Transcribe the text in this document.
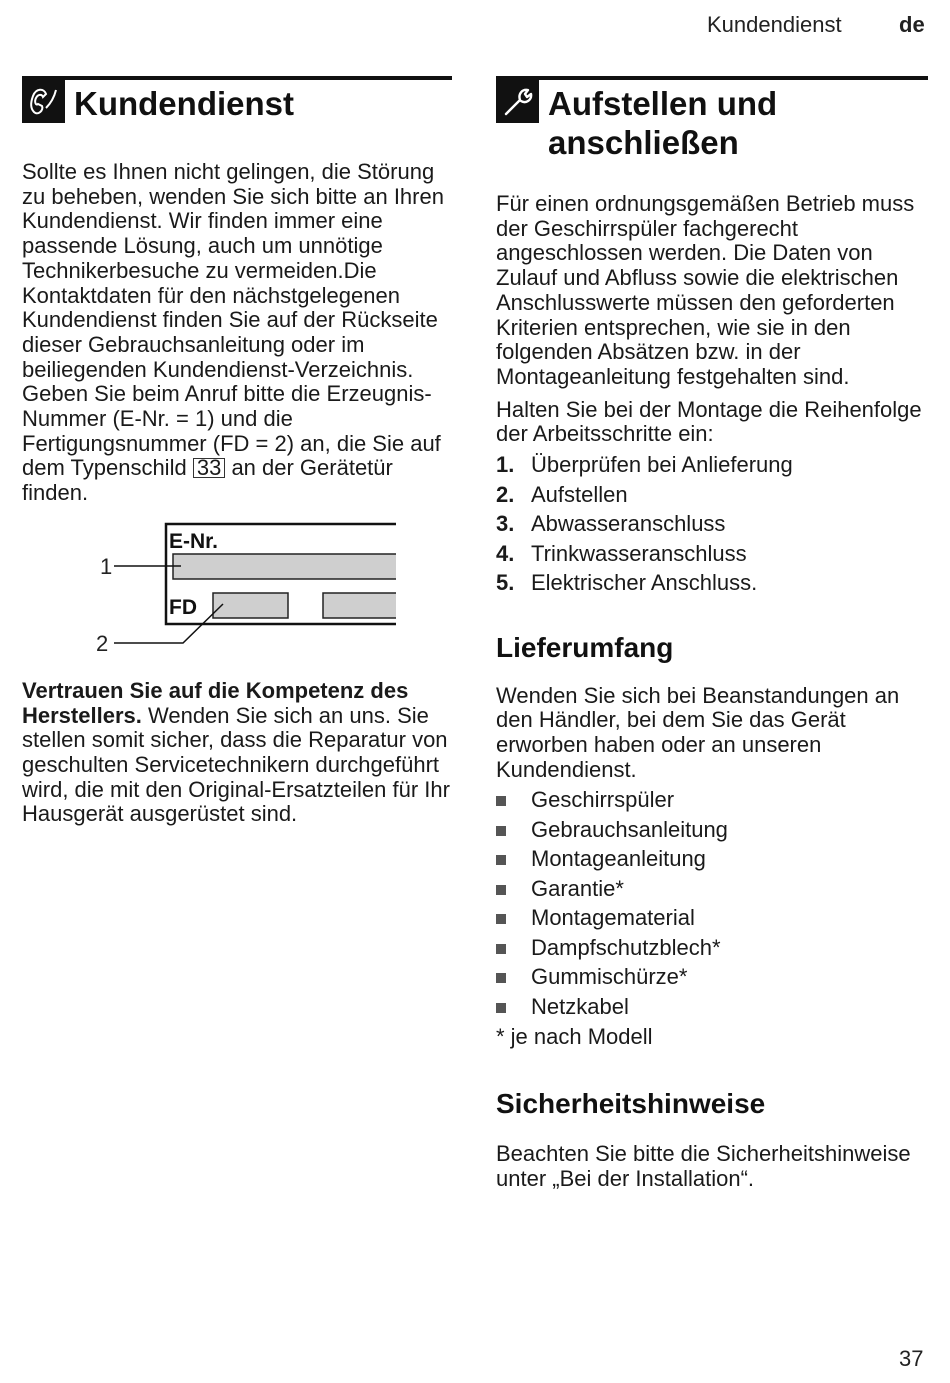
Kundendienst	de
Kundendienst

Sollte es Ihnen nicht gelingen, die Störung zu beheben, wenden Sie sich bitte an Ihren Kundendienst. Wir finden immer eine passende Lösung, auch um unnötige Technikerbesuche zu vermeiden.Die Kontaktdaten für den nächstgelegenen Kundendienst finden Sie auf der Rückseite dieser Gebrauchsanleitung oder im beiliegenden Kundendienst-Verzeichnis. Geben Sie beim Anruf bitte die Erzeugnis-Nummer (E-Nr. = 1) und die Fertigungsnummer (FD = 2) an, die Sie auf dem Typenschild 33 an der Gerätetür finden.

E-Nr.
FD
1
2

Vertrauen Sie auf die Kompetenz des Herstellers. Wenden Sie sich an uns. Sie stellen somit sicher, dass die Reparatur von geschulten Servicetechnikern durchgeführt wird, die mit den Original-Ersatzteilen für Ihr Hausgerät ausgerüstet sind.

Aufstellen und
anschließen

Für einen ordnungsgemäßen Betrieb muss der Geschirrspüler fachgerecht angeschlossen werden. Die Daten von Zulauf und Abfluss sowie die elektrischen Anschlusswerte müssen den geforderten Kriterien entsprechen, wie sie in den folgenden Absätzen bzw. in der Montageanleitung festgehalten sind.

Halten Sie bei der Montage die Reihenfolge der Arbeitsschritte ein:

1. Überprüfen bei Anlieferung
2. Aufstellen
3. Abwasseranschluss
4. Trinkwasseranschluss
5. Elektrischer Anschluss.
Lieferumfang

Wenden Sie sich bei Beanstandungen an den Händler, bei dem Sie das Gerät erworben haben oder an unseren Kundendienst.

Geschirrspüler
Gebrauchsanleitung
Montageanleitung
Garantie*
Montagematerial
Dampfschutzblech*
Gummischürze*
Netzkabel

* je nach Modell

Sicherheitshinweise

Beachten Sie bitte die Sicherheitshinweise unter „Bei der Installation“.

37
